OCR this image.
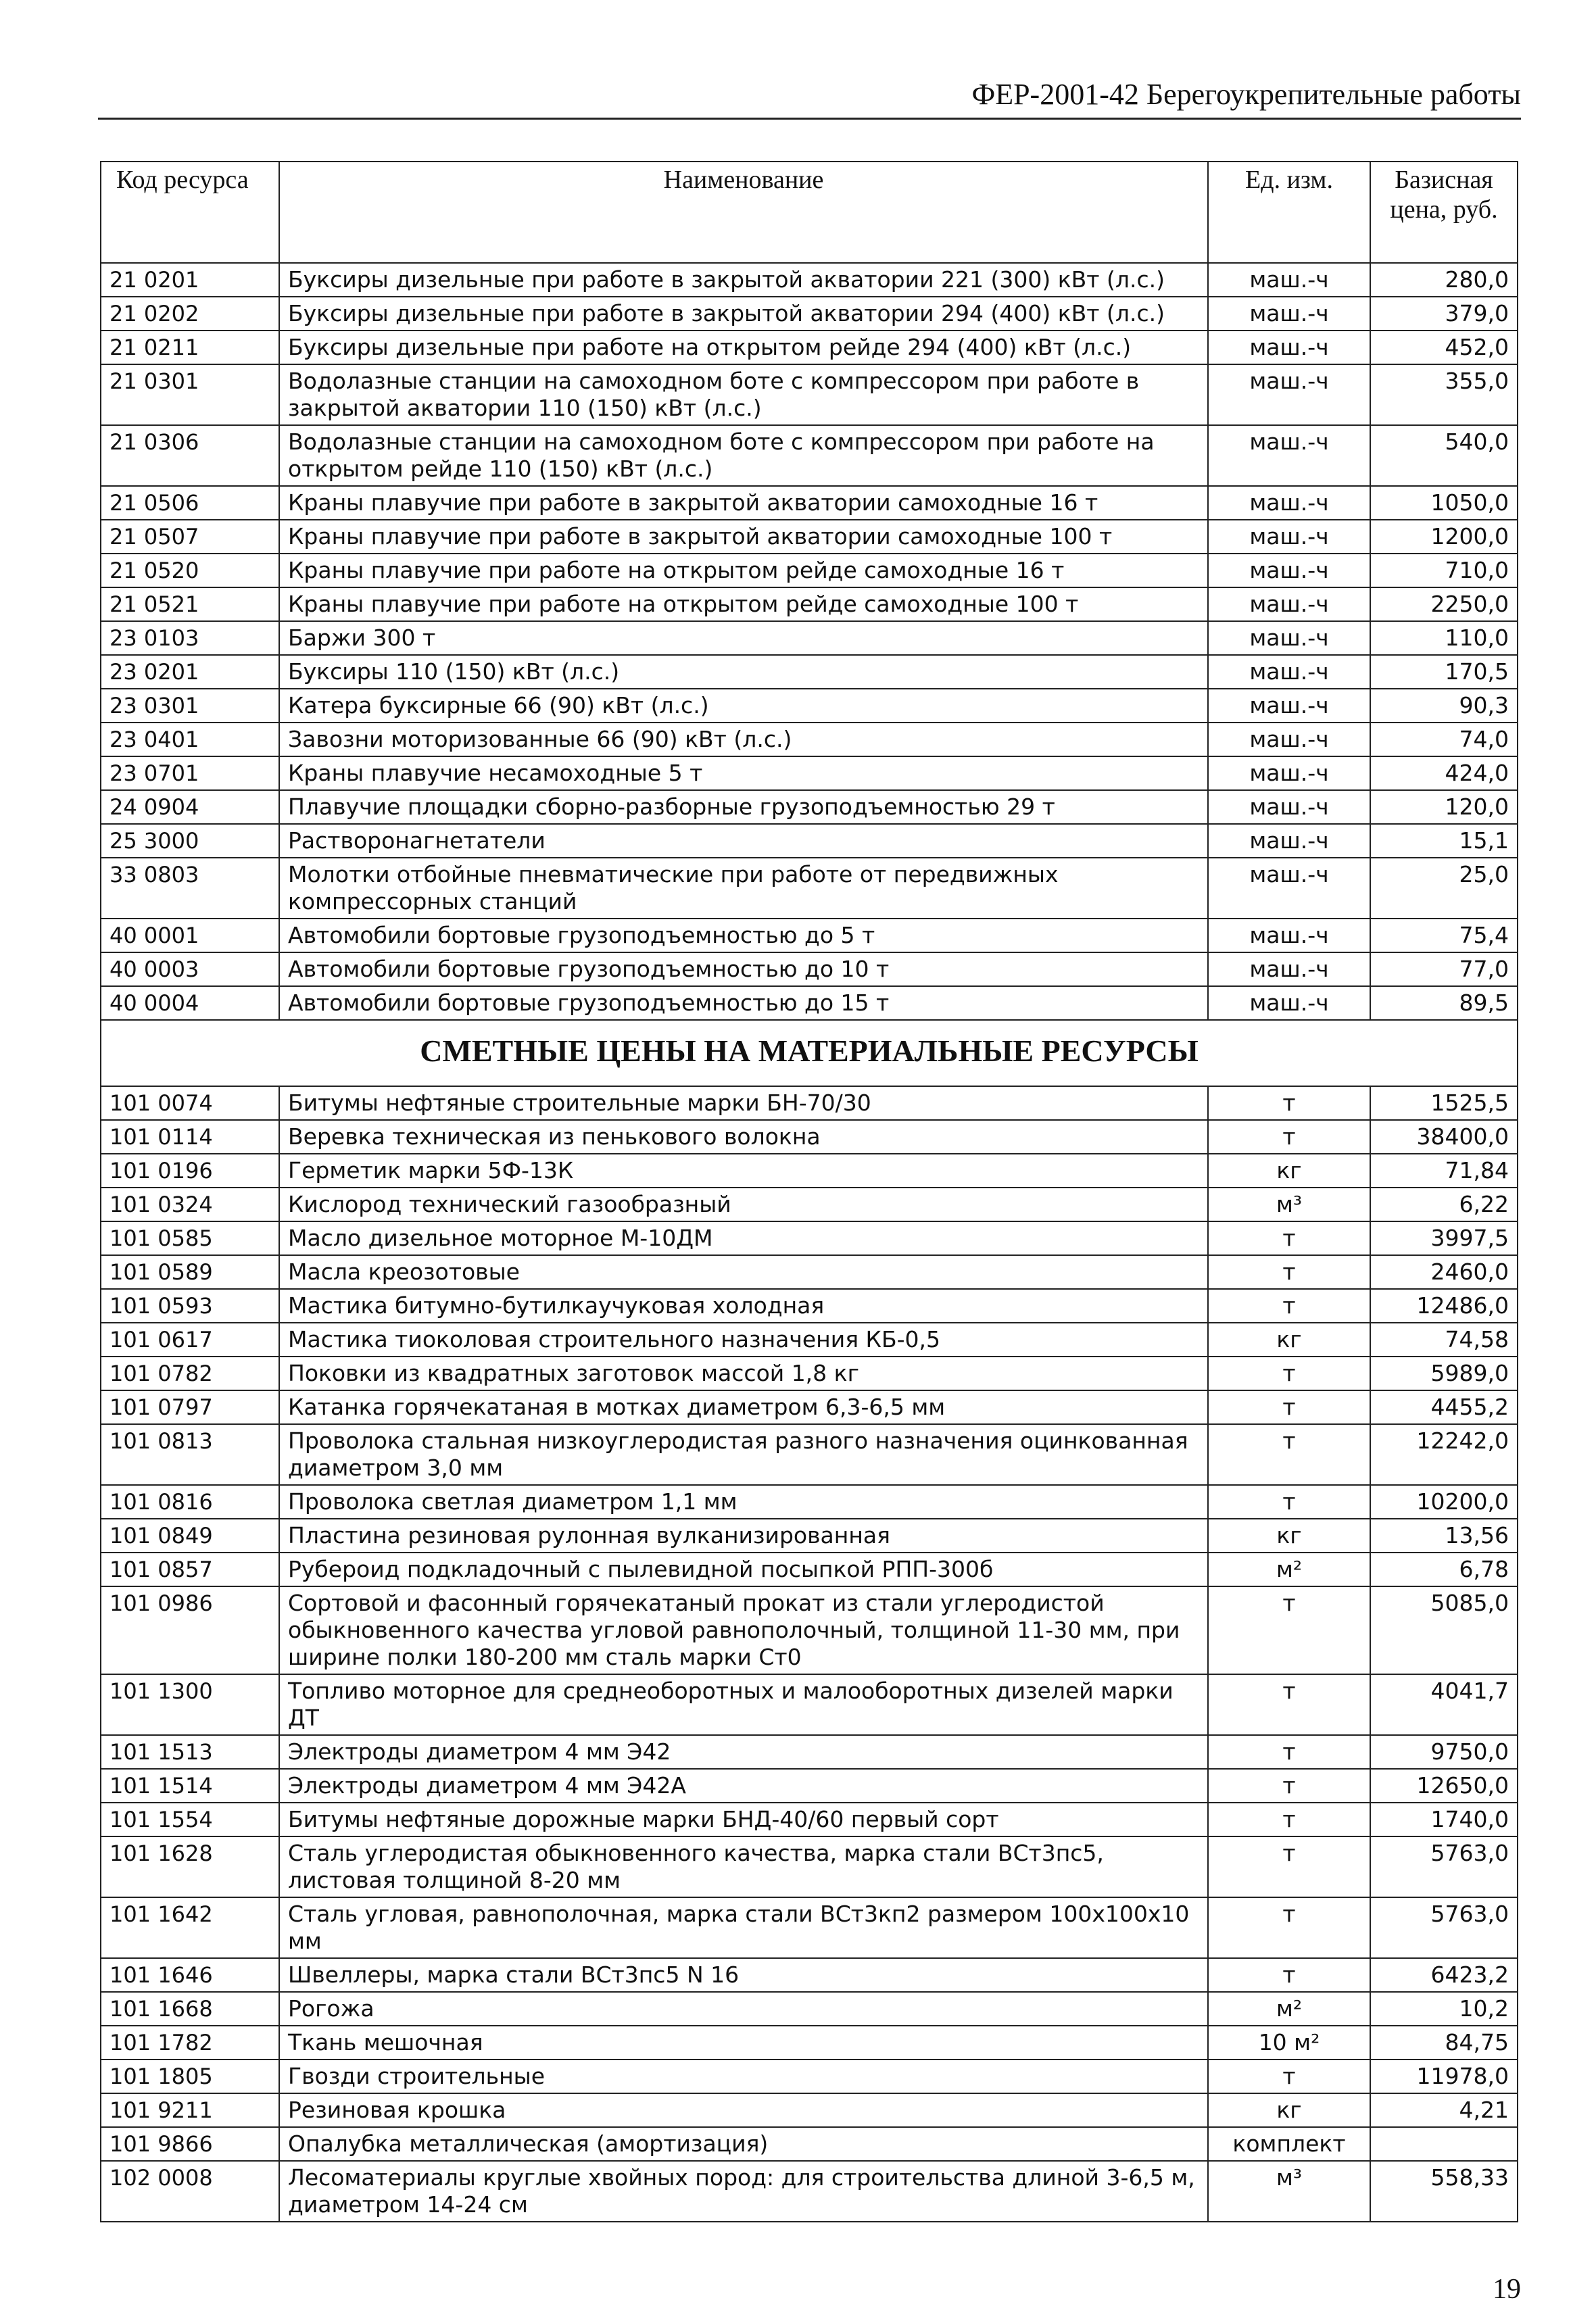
ФЕР-2001-42 Берегоукрепительные работы
Код ресурса	Наименование	Ед. изм.	Базисная цена, руб.
21 0201	Буксиры дизельные при работе в закрытой акватории 221 (300) кВт (л.с.)	маш.-ч	280,0
21 0202	Буксиры дизельные при работе в закрытой акватории 294 (400) кВт (л.с.)	маш.-ч	379,0
21 0211	Буксиры дизельные при работе на открытом рейде 294 (400) кВт (л.с.)	маш.-ч	452,0
21 0301	Водолазные станции на самоходном боте с компрессором при работе в закрытой акватории 110 (150) кВт (л.с.)	маш.-ч	355,0
21 0306	Водолазные станции на самоходном боте с компрессором при работе на открытом рейде 110 (150) кВт (л.с.)	маш.-ч	540,0
21 0506	Краны плавучие при работе в закрытой акватории самоходные 16 т	маш.-ч	1050,0
21 0507	Краны плавучие при работе в закрытой акватории самоходные 100 т	маш.-ч	1200,0
21 0520	Краны плавучие при работе на открытом рейде самоходные 16 т	маш.-ч	710,0
21 0521	Краны плавучие при работе на открытом рейде самоходные 100 т	маш.-ч	2250,0
23 0103	Баржи 300 т	маш.-ч	110,0
23 0201	Буксиры 110 (150) кВт (л.с.)	маш.-ч	170,5
23 0301	Катера буксирные 66 (90) кВт (л.с.)	маш.-ч	90,3
23 0401	Завозни моторизованные 66 (90) кВт (л.с.)	маш.-ч	74,0
23 0701	Краны плавучие несамоходные 5 т	маш.-ч	424,0
24 0904	Плавучие площадки сборно-разборные грузоподъемностью 29 т	маш.-ч	120,0
25 3000	Растворонагнетатели	маш.-ч	15,1
33 0803	Молотки отбойные пневматические при работе от передвижных компрессорных станций	маш.-ч	25,0
40 0001	Автомобили бортовые грузоподъемностью до 5 т	маш.-ч	75,4
40 0003	Автомобили бортовые грузоподъемностью до 10 т	маш.-ч	77,0
40 0004	Автомобили бортовые грузоподъемностью до 15 т	маш.-ч	89,5
СМЕТНЫЕ ЦЕНЫ НА МАТЕРИАЛЬНЫЕ РЕСУРСЫ			
101 0074	Битумы нефтяные строительные марки БН-70/30	т	1525,5
101 0114	Веревка техническая из пенькового волокна	т	38400,0
101 0196	Герметик марки 5Ф-13К	кг	71,84
101 0324	Кислород технический газообразный	м³	6,22
101 0585	Масло дизельное моторное М-10ДМ	т	3997,5
101 0589	Масла креозотовые	т	2460,0
101 0593	Мастика битумно-бутилкаучуковая холодная	т	12486,0
101 0617	Мастика тиоколовая строительного назначения КБ-0,5	кг	74,58
101 0782	Поковки из квадратных заготовок массой 1,8 кг	т	5989,0
101 0797	Катанка горячекатаная в мотках диаметром 6,3-6,5 мм	т	4455,2
101 0813	Проволока стальная низкоуглеродистая разного назначения оцинкованная диаметром 3,0 мм	т	12242,0
101 0816	Проволока светлая диаметром 1,1 мм	т	10200,0
101 0849	Пластина резиновая рулонная вулканизированная	кг	13,56
101 0857	Рубероид подкладочный с пылевидной посыпкой РПП-300б	м²	6,78
101 0986	Сортовой и фасонный горячекатаный прокат из стали углеродистой обыкновенного качества угловой равнополочный, толщиной 11-30 мм, при ширине полки 180-200 мм сталь марки Ст0	т	5085,0
101 1300	Топливо моторное для среднеоборотных и малооборотных дизелей марки ДТ	т	4041,7
101 1513	Электроды диаметром 4 мм Э42	т	9750,0
101 1514	Электроды диаметром 4 мм Э42А	т	12650,0
101 1554	Битумы нефтяные дорожные марки БНД-40/60 первый сорт	т	1740,0
101 1628	Сталь углеродистая обыкновенного качества, марка стали ВСт3пс5, листовая толщиной 8-20 мм	т	5763,0
101 1642	Сталь угловая, равнополочная, марка стали ВСт3кп2 размером 100х100х10 мм	т	5763,0
101 1646	Швеллеры, марка стали ВСт3пс5 N 16	т	6423,2
101 1668	Рогожа	м²	10,2
101 1782	Ткань мешочная	10 м²	84,75
101 1805	Гвозди строительные	т	11978,0
101 9211	Резиновая крошка	кг	4,21
101 9866	Опалубка металлическая (амортизация)	комплект	
102 0008	Лесоматериалы круглые хвойных пород: для строительства длиной 3-6,5 м, диаметром 14-24 см	м³	558,33
19
